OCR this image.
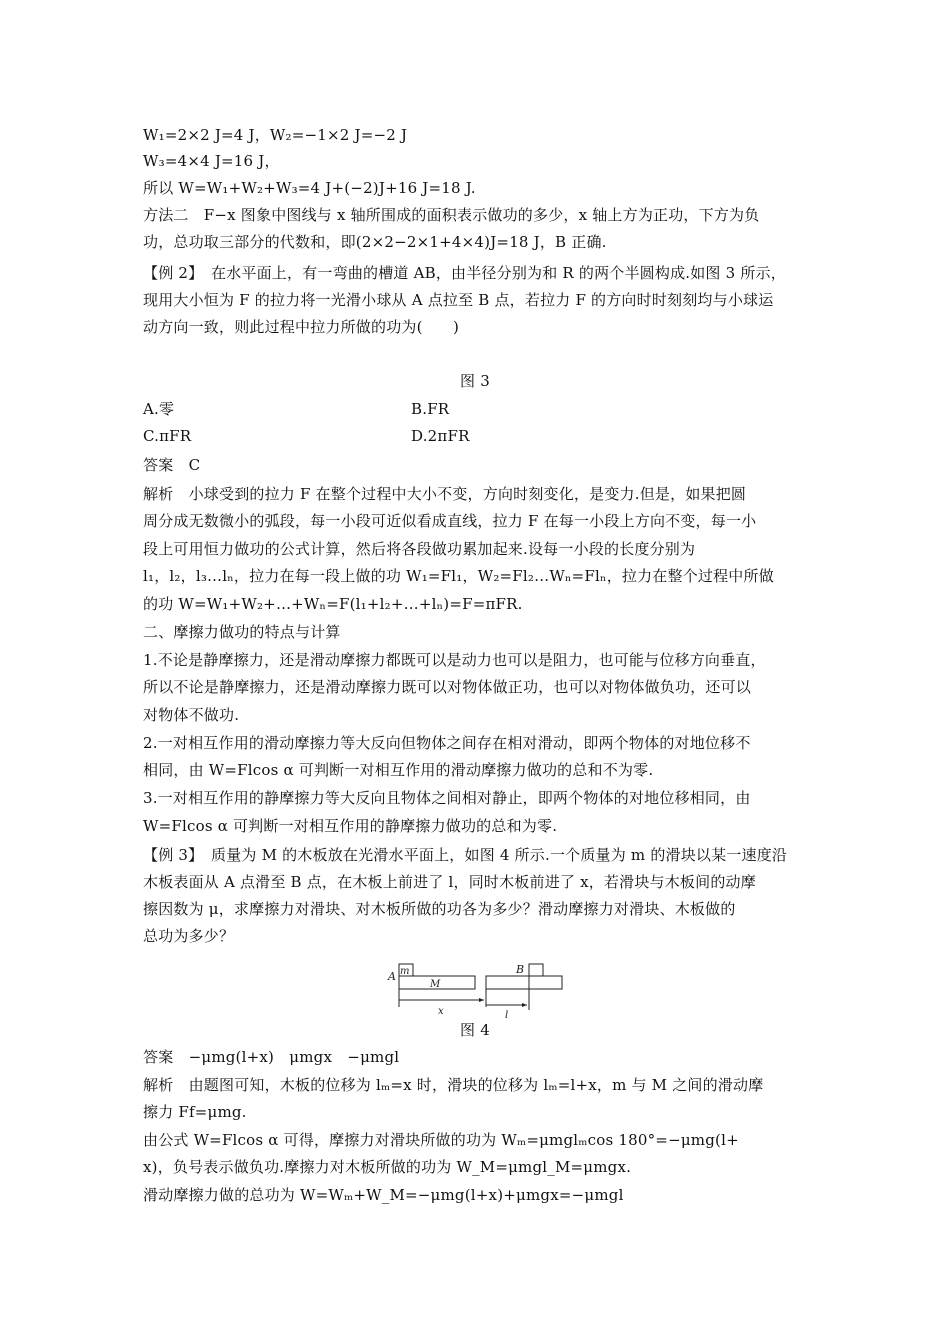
W₁=2×2 J=4 J，W₂=−1×2 J=−2 J
W₃=4×4 J=16 J，
所以 W=W₁+W₂+W₃=4 J+(−2)J+16 J=18 J.
方法二　F−x 图象中图线与 x 轴所围成的面积表示做功的多少，x 轴上方为正功，下方为负
功，总功取三部分的代数和，即(2×2−2×1+4×4)J=18 J，B 正确.
【例 2】　在水平面上，有一弯曲的槽道 AB，由半径分别为和 R 的两个半圆构成.如图 3 所示，
现用大小恒为 F 的拉力将一光滑小球从 A 点拉至 B 点，若拉力 F 的方向时时刻刻均与小球运
动方向一致，则此过程中拉力所做的功为(　　)
图 3
A.零	B.FR
C.πFR	D.2πFR
答案　C
解析　小球受到的拉力 F 在整个过程中大小不变，方向时刻变化，是变力.但是，如果把圆
周分成无数微小的弧段，每一小段可近似看成直线，拉力 F 在每一小段上方向不变，每一小
段上可用恒力做功的公式计算，然后将各段做功累加起来.设每一小段的长度分别为
l₁，l₂，l₃…lₙ，拉力在每一段上做的功 W₁=Fl₁，W₂=Fl₂…Wₙ=Flₙ，拉力在整个过程中所做
的功 W=W₁+W₂+…+Wₙ=F(l₁+l₂+…+lₙ)=F=πFR.
二、摩擦力做功的特点与计算
1.不论是静摩擦力，还是滑动摩擦力都既可以是动力也可以是阻力，也可能与位移方向垂直，
所以不论是静摩擦力，还是滑动摩擦力既可以对物体做正功，也可以对物体做负功，还可以
对物体不做功.
2.一对相互作用的滑动摩擦力等大反向但物体之间存在相对滑动，即两个物体的对地位移不
相同，由 W=Flcos α 可判断一对相互作用的滑动摩擦力做功的总和不为零.
3.一对相互作用的静摩擦力等大反向且物体之间相对静止，即两个物体的对地位移相同，由
W=Flcos α 可判断一对相互作用的静摩擦力做功的总和为零.
【例 3】　质量为 M 的木板放在光滑水平面上，如图 4 所示.一个质量为 m 的滑块以某一速度沿
木板表面从 A 点滑至 B 点，在木板上前进了 l，同时木板前进了 x，若滑块与木板间的动摩
擦因数为 μ，求摩擦力对滑块、对木板所做的功各为多少？滑动摩擦力对滑块、木板做的
总功为多少？
A m
M
B
x	l
图 4
答案　−μmg(l+x)　μmgx　−μmgl
解析　由题图可知，木板的位移为 lₘ=x 时，滑块的位移为 lₘ=l+x，m 与 M 之间的滑动摩
擦力 Ff=μmg.
由公式 W=Flcos α 可得，摩擦力对滑块所做的功为 Wₘ=μmglₘcos 180°=−μmg(l+
x)，负号表示做负功.摩擦力对木板所做的功为 W_M=μmgl_M=μmgx.
滑动摩擦力做的总功为 W=Wₘ+W_M=−μmg(l+x)+μmgx=−μmgl
